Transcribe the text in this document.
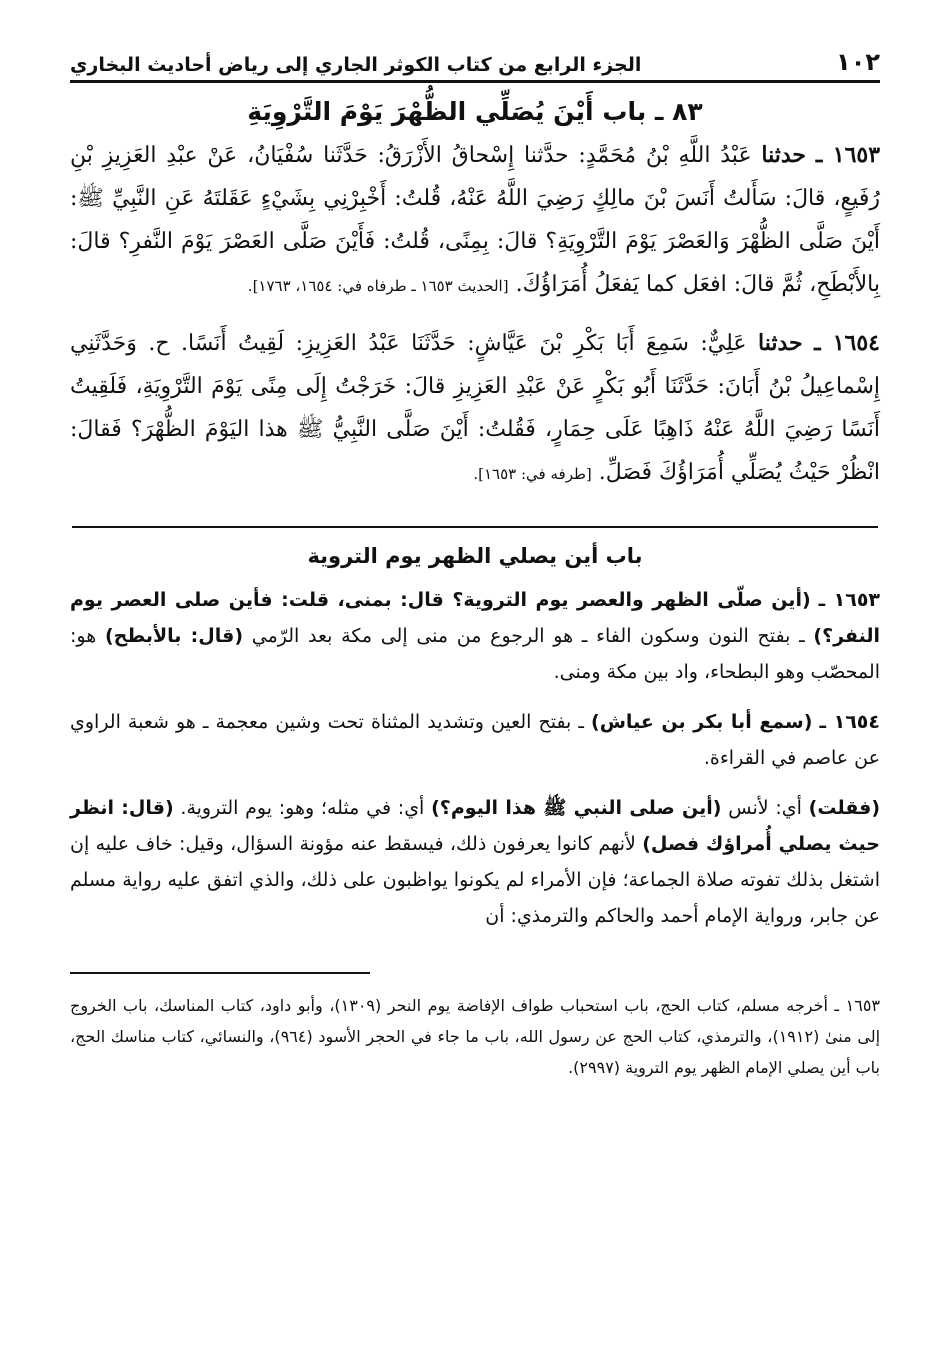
١٠٢
الجزء الرابع من كتاب الكوثر الجاري إلى رياض أحاديث البخاري
٨٣ ـ باب أَيْنَ يُصَلِّي الظُّهْرَ يَوْمَ التَّرْوِيَةِ

١٦٥٣ ـ حدثنا عَبْدُ اللَّهِ بْنُ مُحَمَّدٍ: حدَّثنا إِسْحاقُ الأَزْرَقُ: حَدَّثَنا سُفْيَانُ، عَنْ عبْدِ العَزِيزِ بْنِ رُفَيعٍ، قالَ: سَأَلتُ أَنَسَ بْنَ مالِكٍ رَضِيَ اللَّهُ عَنْهُ، قُلتُ: أَخْبِرْنِي بِشَيْءٍ عَقَلتَهُ عَنِ النَّبِيِّ ﷺ: أَيْنَ صَلَّى الظُّهْرَ وَالعَصْرَ يَوْمَ التَّرْوِيَةِ؟ قالَ: بِمِنًى، قُلتُ: فَأَيْنَ صَلَّى العَصْرَ يَوْمَ النَّفرِ؟ قالَ: بِالأَبْطَحِ، ثُمَّ قالَ: افعَل كما يَفعَلُ أُمَرَاؤُكَ. [الحديث ١٦٥٣ ـ طرفاه في: ١٦٥٤، ١٧٦٣].

١٦٥٤ ـ حدثنا عَلِيٌّ: سَمِعَ أَبَا بَكْرِ بْنَ عَيَّاشٍ: حَدَّثَنَا عَبْدُ العَزِيزِ: لَقِيتُ أَنَسًا. ح. وَحَدَّثَنِي إِسْماعِيلُ بْنُ أَبَانَ: حَدَّثَنَا أَبُو بَكْرٍ عَنْ عَبْدِ العَزِيزِ قالَ: خَرَجْتُ إِلَى مِنًى يَوْمَ التَّرْوِيَةِ، فَلَقِيتُ أَنَسًا رَضِيَ اللَّهُ عَنْهُ ذَاهِبًا عَلَى حِمَارٍ، فَقُلتُ: أَيْنَ صَلَّى النَّبِيُّ ﷺ هذا اليَوْمَ الظُّهْرَ؟ فَقالَ: انْظُرْ حَيْثُ يُصَلِّي أُمَرَاؤُكَ فَصَلِّ. [طرفه في: ١٦٥٣].

باب أين يصلي الظهر يوم التروية

١٦٥٣ ـ (أين صلّى الظهر والعصر يوم التروية؟ قال: بمنى، قلت: فأين صلى العصر يوم النفر؟) ـ بفتح النون وسكون الفاء ـ هو الرجوع من منى إلى مكة بعد الرّمي (قال: بالأبطح) هو: المحصّب وهو البطحاء، واد بين مكة ومنى.

١٦٥٤ ـ (سمع أبا بكر بن عياش) ـ بفتح العين وتشديد المثناة تحت وشين معجمة ـ هو شعبة الراوي عن عاصم في القراءة.

(فقلت) أي: لأنس (أين صلى النبي ﷺ هذا اليوم؟) أي: في مثله؛ وهو: يوم التروية. (قال: انظر حيث يصلي أُمراؤك فصل) لأنهم كانوا يعرفون ذلك، فيسقط عنه مؤونة السؤال، وقيل: خاف عليه إن اشتغل بذلك تفوته صلاة الجماعة؛ فإن الأمراء لم يكونوا يواظبون على ذلك، والذي اتفق عليه رواية مسلم عن جابر، ورواية الإمام أحمد والحاكم والترمذي: أن

١٦٥٣ ـ أخرجه مسلم، كتاب الحج، باب استحباب طواف الإفاضة يوم النحر (١٣٠٩)، وأبو داود، كتاب المناسك، باب الخروج إلى منىٰ (١٩١٢)، والترمذي، كتاب الحج عن رسول الله، باب ما جاء في الحجر الأسود (٩٦٤)، والنسائي، كتاب مناسك الحج، باب أين يصلي الإمام الظهر يوم التروية (٢٩٩٧).
